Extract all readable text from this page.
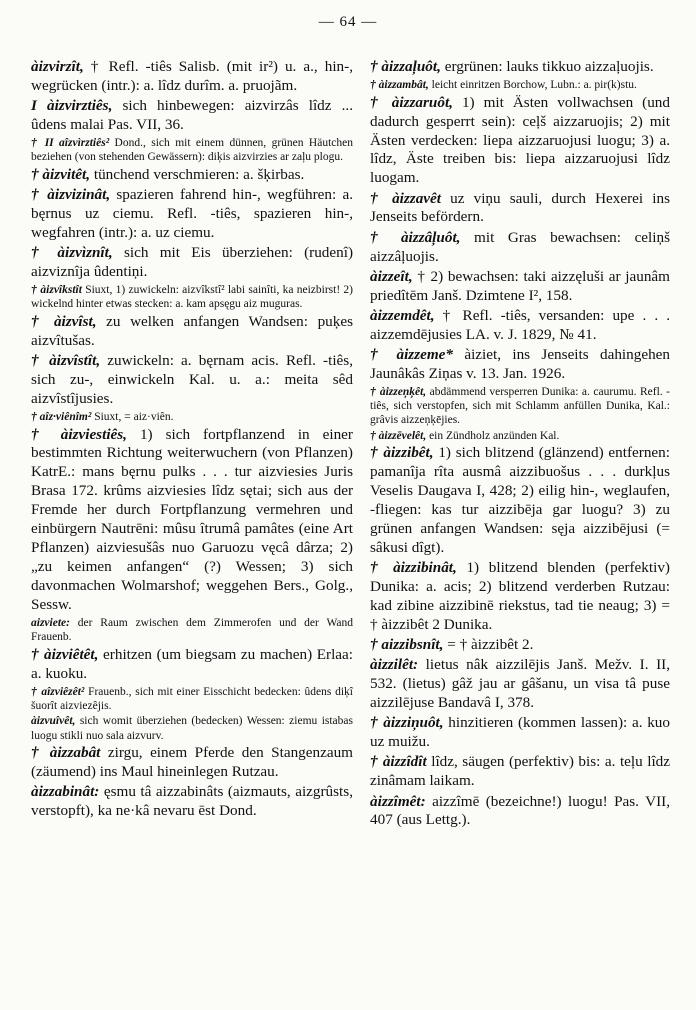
— 64 —

àizvirzît, † Refl. -tiês Salisb. (mit ir²) u. a., hin-, wegrücken (intr.): a. lîdz durîm. a. pruojãm.

I àizvirztiês, sich hinbewegen: aizvirzâs lîdz ... ûdens malai Pas. VII, 36.

† II aîzvìrztiês² Dond., sich mit einem dünnen, grünen Häutchen beziehen (von stehenden Gewässern): diķis aizvirzies ar zaļu plogu.

† àizvitêt, tünchend verschmieren: a. šķirbas.

† àizvizinât, spazieren fahrend hin-, wegführen: a. bęrnus uz ciemu. Refl. -tiês, spazieren hin-, wegfahren (intr.): a. uz ciemu.

† àizvìznît, sich mit Eis überziehen: (rudenî) aizviznîja ûdentiņi.

† àizvîkstît Siuxt, 1) zuwickeln: aizvîkstî² labi sainîti, ka neizbirst! 2) wickelnd hinter etwas stecken: a. kam apsęgu aiz muguras.

† àizvîst, zu welken anfangen Wandsen: puķes aizvîtušas.

† àizvîstît, zuwickeln: a. bęrnam acis. Refl. -tiês, sich zu-, einwickeln Kal. u. a.: meita sêd aizvîstîjusies.

† aîz·viênîm² Siuxt, = aiz·viên.

† àizviestiês, 1) sich fortpflanzend in einer bestimmten Richtung weiterwuchern (von Pflanzen) KatrE.: mans bęrnu pulks . . . tur aizviesies Juris Brasa 172. krûms aizviesies lîdz sętai; sich aus der Fremde her durch Fortpflanzung vermehren und einbürgern Nautrēni: mûsu îtrumâ pamâtes (eine Art Pflanzen) aizviesušâs nuo Garuozu vęcâ dârza; 2) „zu keimen anfangen“ (?) Wessen; 3) sich davonmachen Wolmarshof; weggehen Bers., Golg., Sessw.

aizviete: der Raum zwischen dem Zimmerofen und der Wand Frauenb.

† àizviêtêt, erhitzen (um biegsam zu machen) Erlaa: a. kuoku.

† aîzviêzêt² Frauenb., sich mit einer Eisschicht bedecken: ûdens diķî šuorît aizviezêjis.

àizvuîvêt, sich womit überziehen (bedecken) Wessen: ziemu istabas luogu stikli nuo sala aizvurv.

† àizzabât zirgu, einem Pferde den Stangenzaum (zäumend) ins Maul hineinlegen Rutzau.

àizzabinât: ęsmu tâ aizzabinâts (aizmauts, aizgrûsts, verstopft), ka ne·kâ nevaru ēst Dond.

† àizzaļuôt, ergrünen: lauks tikkuo aizzaļuojis.

† àizzambât, leicht einritzen Borchow, Lubn.: a. pir(k)stu.

† àizzaruôt, 1) mit Ästen vollwachsen (und dadurch gesperrt sein): ceļš aizzaruojis; 2) mit Ästen verdecken: liepa aizzaruojusi luogu; 3) a. lîdz, Äste treiben bis: liepa aizzaruojusi lîdz luogam.

† àizzavêt uz viņu sauli, durch Hexerei ins Jenseits befördern.

† àizzâļuôt, mit Gras bewachsen: celiņš aizzâļuojis.

àizzeît, † 2) bewachsen: taki aizzęluši ar jaunâm priedîtēm Janš. Dzimtene I², 158.

àizzemdêt, † Refl. -tiês, versanden: upe . . . aizzemdējusies LA. v. J. 1829, № 41.

† àizzeme* àiziet, ins Jenseits dahingehen Jaunâkâs Ziņas v. 13. Jan. 1926.

† àizzeņķêt, abdämmend versperren Dunika: a. caurumu. Refl. -tiês, sich verstopfen, sich mit Schlamm anfüllen Dunika, Kal.: grâvis aizzeņķējies.

† àizzēvelêt, ein Zündholz anzünden Kal.

† àizzibêt, 1) sich blitzend (glänzend) entfernen: pamanîja rîta ausmâ aizzibuošus . . . durkļus Veselis Daugava I, 428; 2) eilig hin-, weglaufen, -fliegen: kas tur aizzibēja gar luogu? 3) zu grünen anfangen Wandsen: sęja aizzibējusi (= sâkusi dîgt).

† àizzibinât, 1) blitzend blenden (perfektiv) Dunika: a. acis; 2) blitzend verderben Rutzau: kad zibine aizzibinē riekstus, tad tie neaug; 3) = † àizzibêt 2 Dunika.

† aizzibsnît, = † àizzibêt 2.

àizzilêt: lietus nâk aizzilējis Janš. Mežv. I. II, 532. (lietus) gâž jau ar gâšanu, un visa tâ puse aizzilējuse Bandavâ I, 378.

† àizziņuôt, hinzitieren (kommen lassen): a. kuo uz muižu.

† àizzîdît lîdz, säugen (perfektiv) bis: a. teļu lîdz zinâmam laikam.

àizzîmêt: aizzîmē (bezeichne!) luogu! Pas. VII, 407 (aus Lettg.).
